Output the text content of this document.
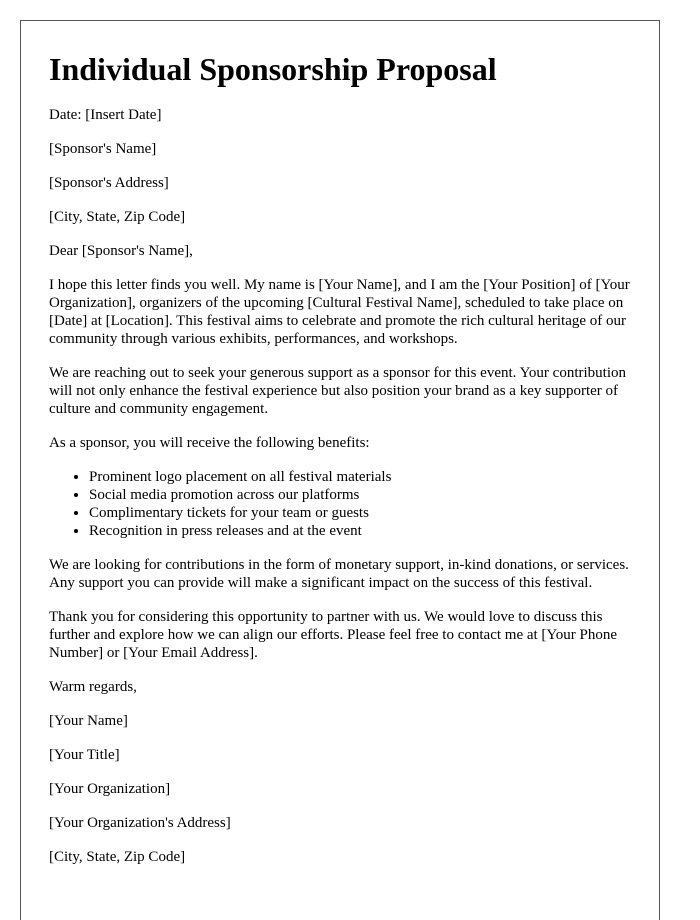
Individual Sponsorship Proposal

Date: [Insert Date]

[Sponsor's Name]

[Sponsor's Address]

[City, State, Zip Code]

Dear [Sponsor's Name],

I hope this letter finds you well. My name is [Your Name], and I am the [Your Position] of [Your Organization], organizers of the upcoming [Cultural Festival Name], scheduled to take place on [Date] at [Location]. This festival aims to celebrate and promote the rich cultural heritage of our community through various exhibits, performances, and workshops.

We are reaching out to seek your generous support as a sponsor for this event. Your contribution will not only enhance the festival experience but also position your brand as a key supporter of culture and community engagement.

As a sponsor, you will receive the following benefits:

• Prominent logo placement on all festival materials
• Social media promotion across our platforms
• Complimentary tickets for your team or guests
• Recognition in press releases and at the event

We are looking for contributions in the form of monetary support, in-kind donations, or services. Any support you can provide will make a significant impact on the success of this festival.

Thank you for considering this opportunity to partner with us. We would love to discuss this further and explore how we can align our efforts. Please feel free to contact me at [Your Phone Number] or [Your Email Address].

Warm regards,

[Your Name]

[Your Title]

[Your Organization]

[Your Organization's Address]

[City, State, Zip Code]
